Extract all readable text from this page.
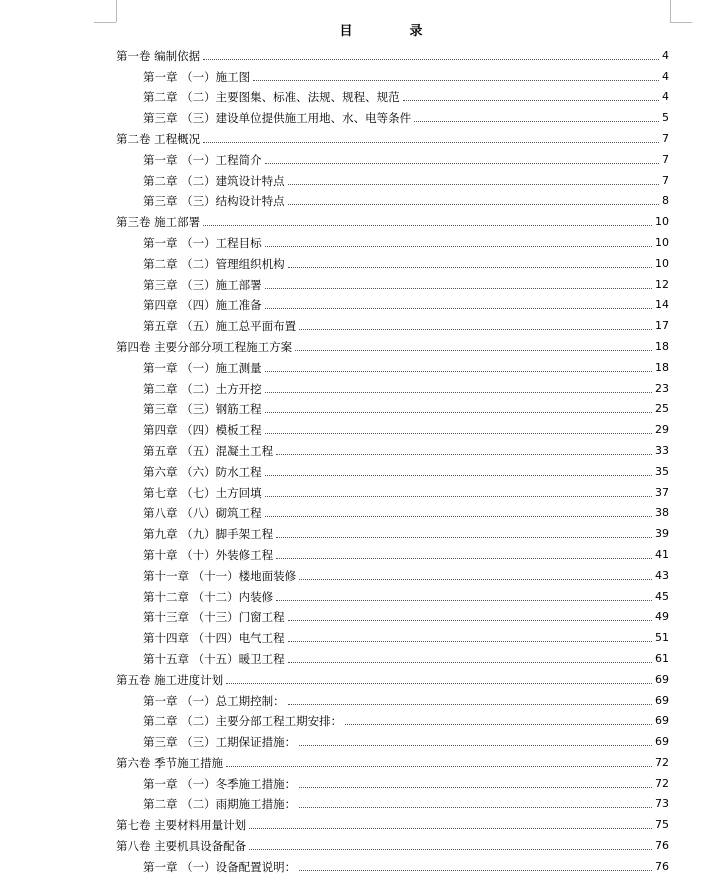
目　录
第一卷 编制依据	4
第一章 （一）施工图	4
第二章 （二）主要图集、标准、法规、规程、规范	4
第三章 （三）建设单位提供施工用地、水、电等条件	5
第二卷 工程概况	7
第一章 （一）工程简介	7
第二章 （二）建筑设计特点	7
第三章 （三）结构设计特点	8
第三卷 施工部署	10
第一章 （一）工程目标	10
第二章 （二）管理组织机构	10
第三章 （三）施工部署	12
第四章 （四）施工准备	14
第五章 （五）施工总平面布置	17
第四卷 主要分部分项工程施工方案	18
第一章 （一）施工测量	18
第二章 （二）土方开挖	23
第三章 （三）钢筋工程	25
第四章 （四）模板工程	29
第五章 （五）混凝土工程	33
第六章 （六）防水工程	35
第七章 （七）土方回填	37
第八章 （八）砌筑工程	38
第九章 （九）脚手架工程	39
第十章 （十）外装修工程	41
第十一章 （十一）楼地面装修	43
第十二章 （十二）内装修	45
第十三章 （十三）门窗工程	49
第十四章 （十四）电气工程	51
第十五章 （十五）暖卫工程	61
第五卷 施工进度计划	69
第一章 （一）总工期控制：	69
第二章 （二）主要分部工程工期安排：	69
第三章 （三）工期保证措施：	69
第六卷 季节施工措施	72
第一章 （一）冬季施工措施：	72
第二章 （二）雨期施工措施：	73
第七卷 主要材料用量计划	75
第八卷 主要机具设备配备	76
第一章 （一）设备配置说明：	76
